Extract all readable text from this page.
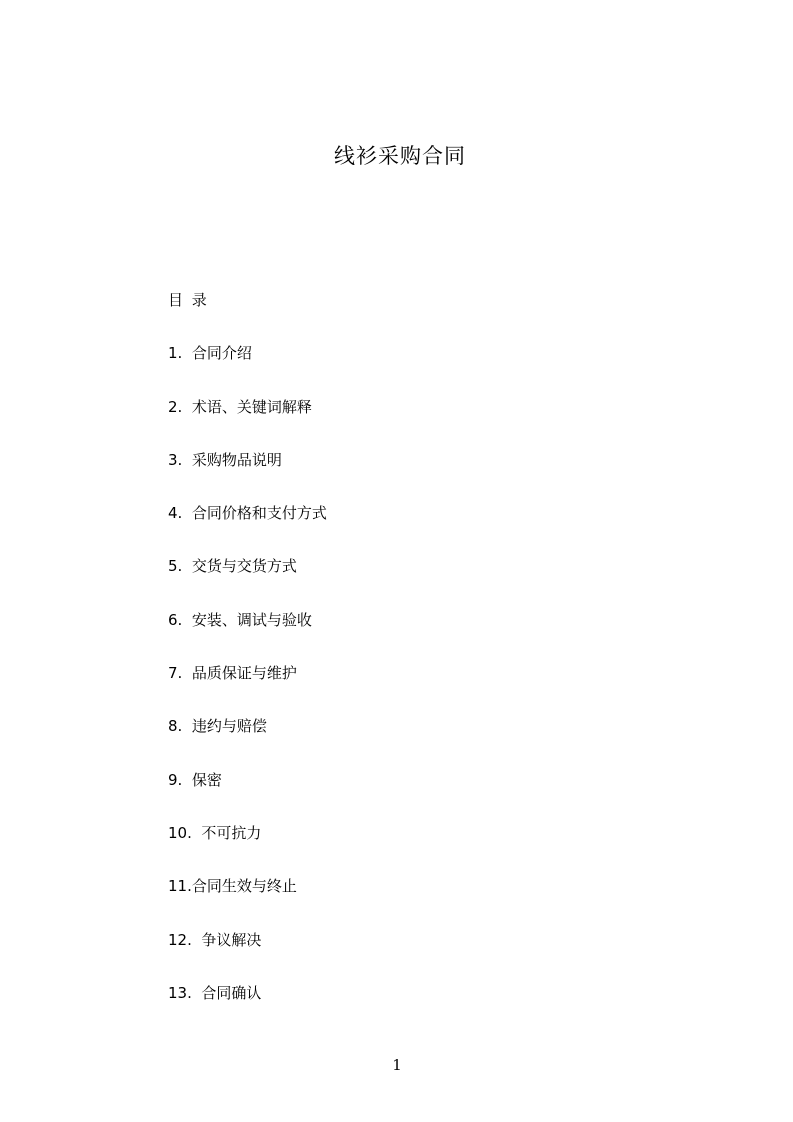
线衫采购合同
目 录
1.  合同介绍
2.  术语、关键词解释
3.  采购物品说明
4.  合同价格和支付方式
5.  交货与交货方式
6.  安装、调试与验收
7.  品质保证与维护
8.  违约与赔偿
9.  保密
10.  不可抗力
11.合同生效与终止
12.  争议解决
13.  合同确认
1
